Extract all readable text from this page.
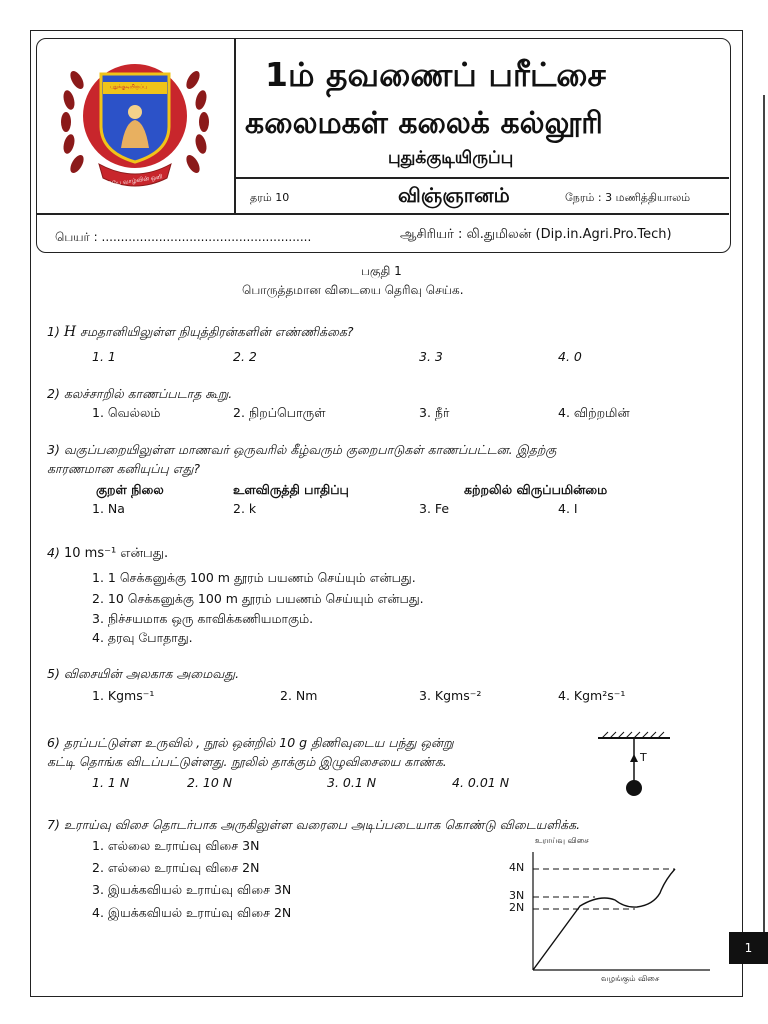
புதுக்குடியிருப்பு
கலைமகள் கலைக் கல்லூரி
கல்வியே வாழ்வின் ஒளி
1ம் தவணைப் பரீட்சை
கலைமகள் கலைக் கல்லூரி
புதுக்குடியிருப்பு
தரம் 10	விஞ்ஞானம்	நேரம் : 3 மணித்தியாலம்
பெயர் : .......................................................	ஆசிரியர் : லி.துமிலன் (Dip.in.Agri.Pro.Tech)
பகுதி 1
பொருத்தமான விடையை தெரிவு செய்க.
1) H சமதானியிலுள்ள நியுத்திரன்களின் எண்ணிக்கை?
1. 1	2. 2	3. 3	4. 0
2) கலச்சாறில் காணப்படாத கூறு.
1. வெல்லம்	2. நிறப்பொருள்	3. நீர்	4. விற்றமின்
3) வகுப்பறையிலுள்ள மாணவர் ஒருவரில் கீழ்வரும் குறைபாடுகள் காணப்பட்டன. இதற்கு
காரணமான கனியுப்பு எது?
குறள் நிலை	உளவிருத்தி பாதிப்பு	கற்றலில் விருப்பமின்மை
1. Na	2. k	3. Fe	4. I
4) 10 ms⁻¹ என்பது.
1. 1 செக்கனுக்கு 100 m தூரம் பயணம் செய்யும் என்பது.
2. 10 செக்கனுக்கு 100 m தூரம் பயணம் செய்யும் என்பது.
3. நிச்சயமாக ஒரு காவிக்கணியமாகும்.
4. தரவு போதாது.
5) விசையின் அலகாக அமைவது.
1. Kgms⁻¹	2. Nm	3. Kgms⁻²	4. Kgm²s⁻¹
6) தரப்பட்டுள்ள உருவில் , நூல் ஒன்றில் 10 g திணிவுடைய பந்து ஒன்று
கட்டி தொங்க விடப்பட்டுள்ளது. நூலில் தாக்கும் இழுவிசையை காண்க.
1. 1 N	2. 10 N	3. 0.1 N	4. 0.01 N
T
7) உராய்வு விசை தொடர்பாக அருகிலுள்ள வரைபை அடிப்படையாக கொண்டு விடையளிக்க.
1. எல்லை உராய்வு விசை 3N
2. எல்லை உராய்வு விசை 2N
3. இயக்கவியல் உராய்வு விசை 3N
4. இயக்கவியல் உராய்வு விசை 2N
உராய்வு விசை
வழங்கும் விசை
4N
3N
2N
1
